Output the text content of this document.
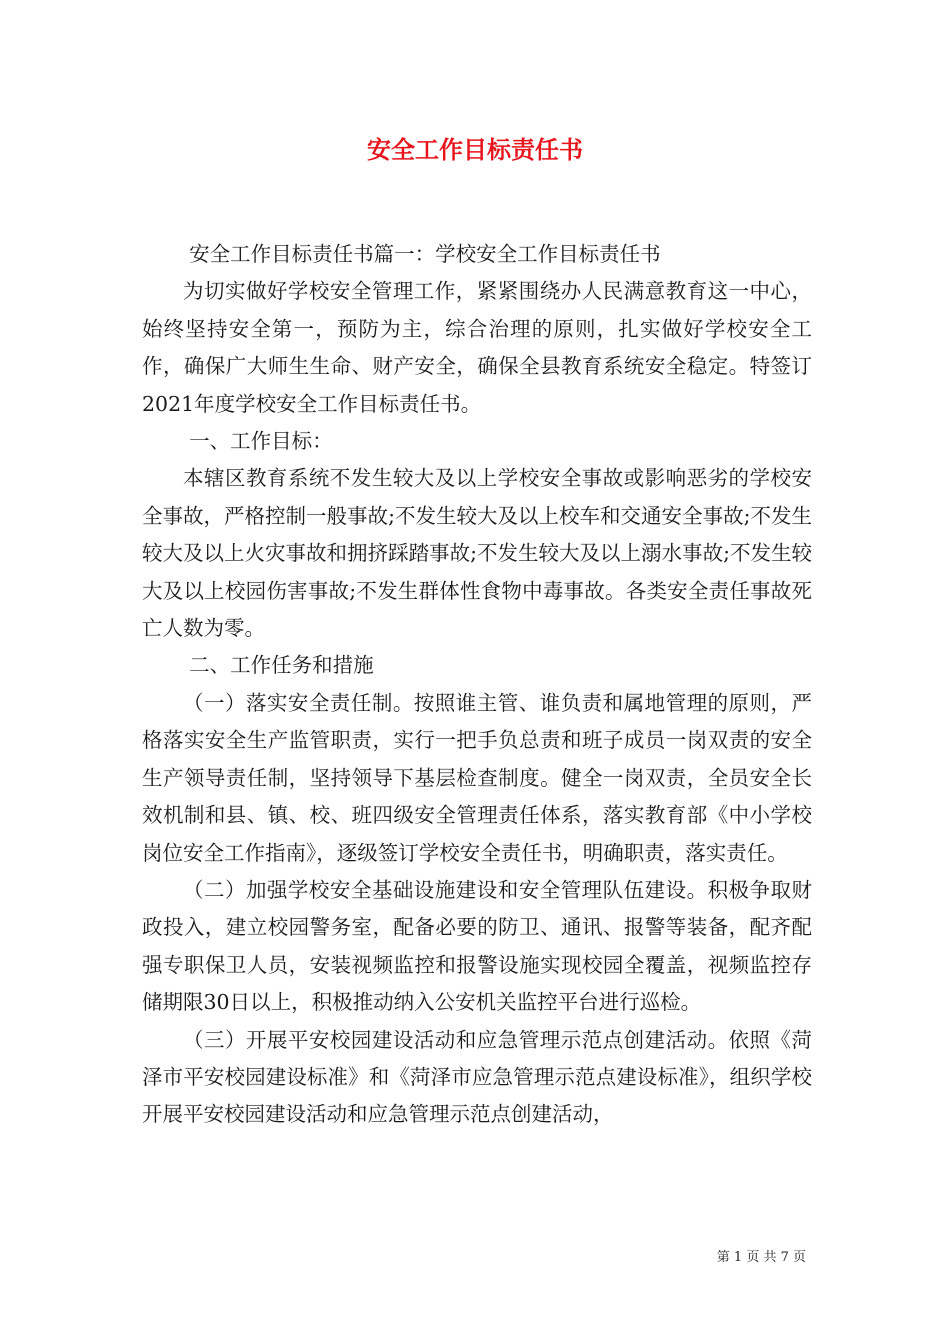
安全工作目标责任书

安全工作目标责任书篇一：学校安全工作目标责任书

为切实做好学校安全管理工作，紧紧围绕办人民满意教育这一中心，始终坚持安全第一，预防为主，综合治理的原则，扎实做好学校安全工作，确保广大师生生命、财产安全，确保全县教育系统安全稳定。特签订2021年度学校安全工作目标责任书。

一、工作目标：

本辖区教育系统不发生较大及以上学校安全事故或影响恶劣的学校安全事故，严格控制一般事故;不发生较大及以上校车和交通安全事故;不发生较大及以上火灾事故和拥挤踩踏事故;不发生较大及以上溺水事故;不发生较大及以上校园伤害事故;不发生群体性食物中毒事故。各类安全责任事故死亡人数为零。

二、工作任务和措施

（一）落实安全责任制。按照谁主管、谁负责和属地管理的原则，严格落实安全生产监管职责，实行一把手负总责和班子成员一岗双责的安全生产领导责任制，坚持领导下基层检查制度。健全一岗双责，全员安全长效机制和县、镇、校、班四级安全管理责任体系，落实教育部《中小学校岗位安全工作指南》，逐级签订学校安全责任书，明确职责，落实责任。

（二）加强学校安全基础设施建设和安全管理队伍建设。积极争取财政投入，建立校园警务室，配备必要的防卫、通讯、报警等装备，配齐配强专职保卫人员，安装视频监控和报警设施实现校园全覆盖，视频监控存储期限30日以上，积极推动纳入公安机关监控平台进行巡检。

（三）开展平安校园建设活动和应急管理示范点创建活动。依照《菏泽市平安校园建设标准》和《菏泽市应急管理示范点建设标准》，组织学校开展平安校园建设活动和应急管理示范点创建活动，

第 1 页 共 7 页
